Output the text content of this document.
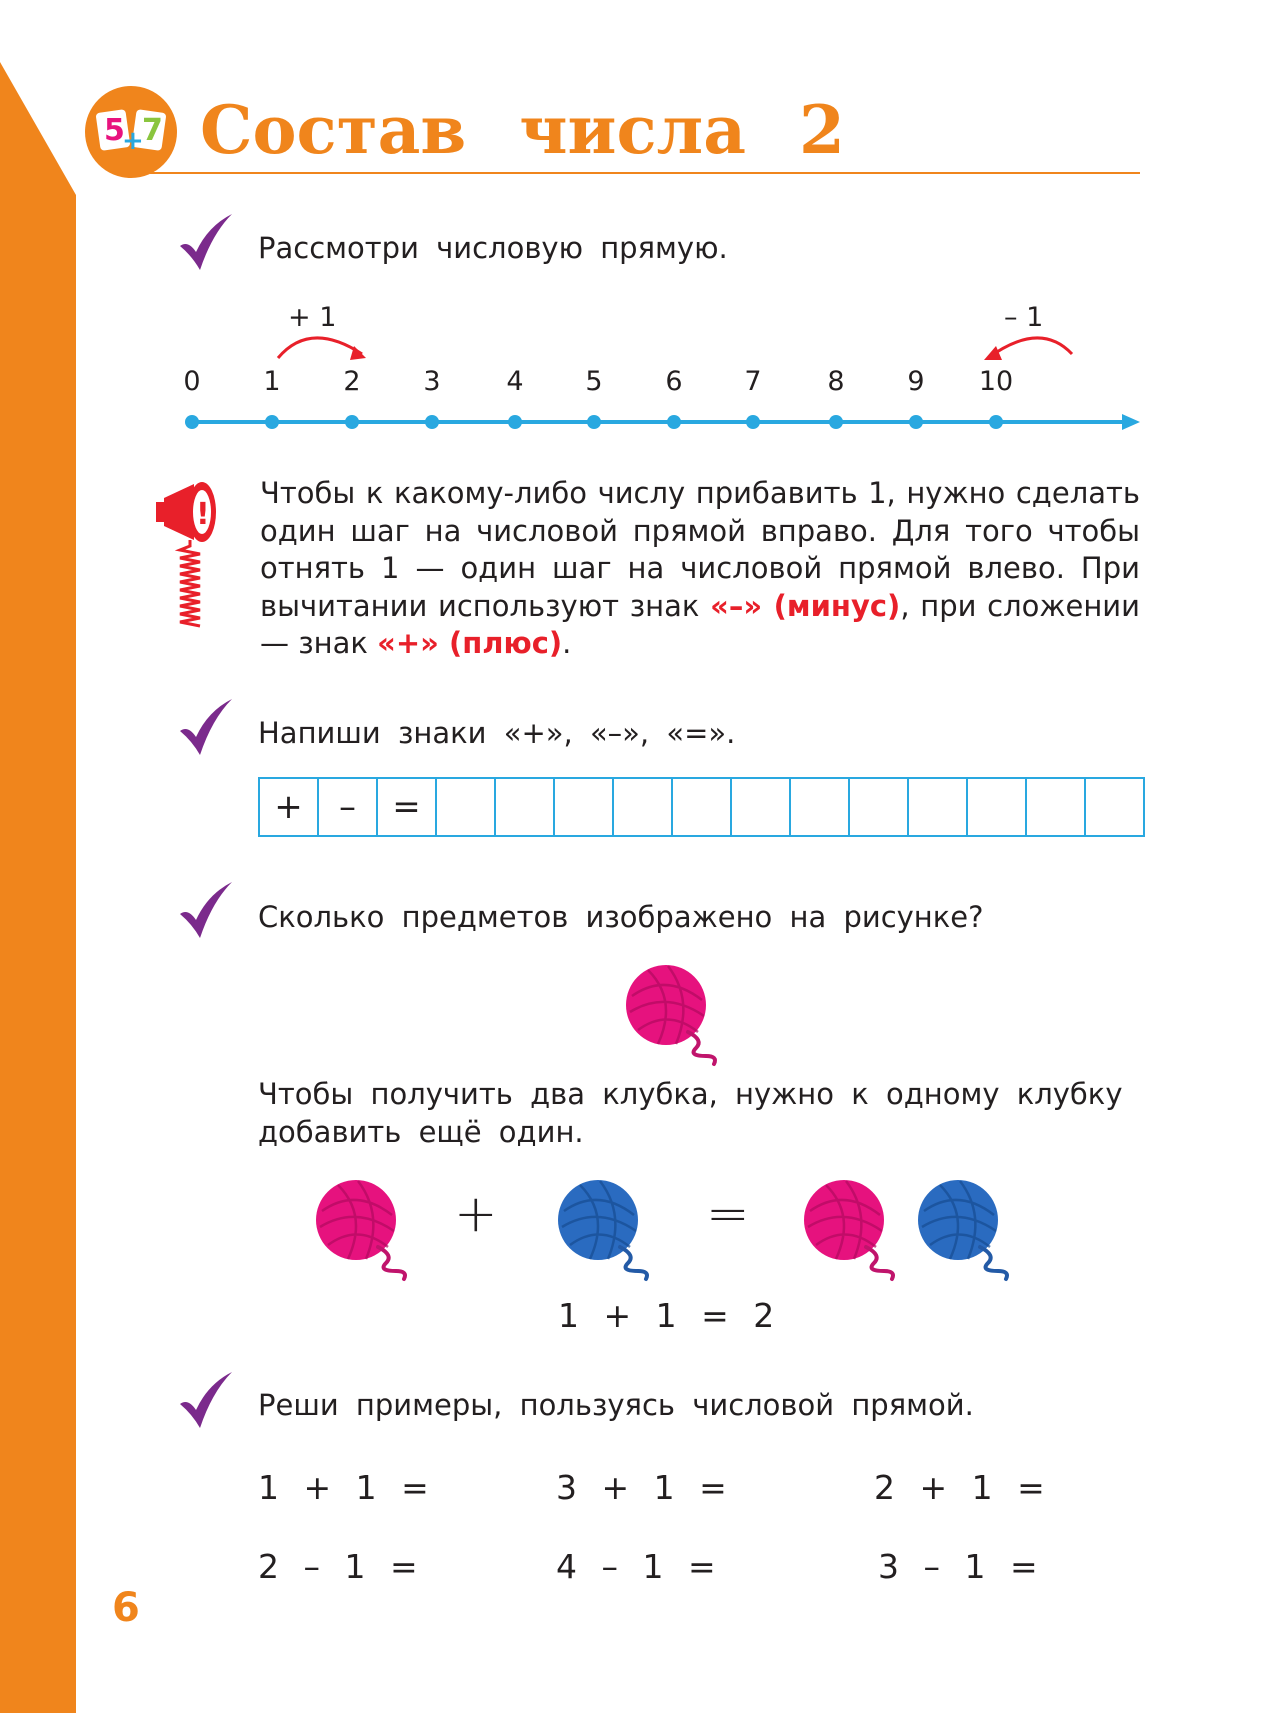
5
+
7 Состав числа 2
Рассмотри числовую прямую.
0 1 2 3 4 5 6 7 8 9 10
+ 1	– 1
!
Чтобы к какому-либо числу прибавить 1, нужно сделать один шаг на числовой прямой вправо. Для того чтобы отнять 1 — один шаг на числовой прямой влево. При вычитании используют знак «–» (минус), при сложении — знак «+» (плюс).
Напиши знаки «+», «–», «=».
+	–	=												
Сколько предметов изображено на рисунке?
Чтобы получить два клубка, нужно к одному клубку
добавить ещё один.
+	=
1 + 1 = 2
Реши примеры, пользуясь числовой прямой.
1 + 1 =	3 + 1 =	2 + 1 =
2 – 1 =	4 – 1 =	3 – 1 =
6
